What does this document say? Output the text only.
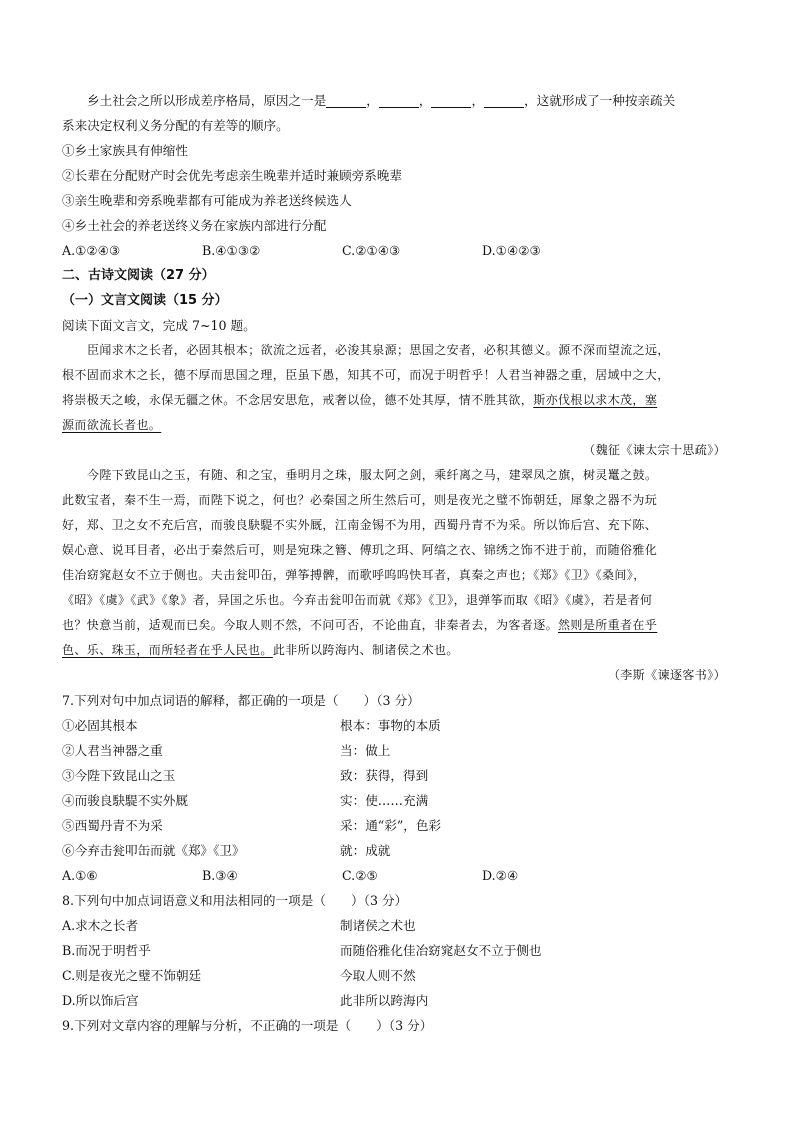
乡土社会之所以形成差序格局，原因之一是	，	，	，	，这就形成了一种按亲疏关
系来决定权利义务分配的有差等的顺序。
①乡土家族具有伸缩性
②长辈在分配财产时会优先考虑亲生晚辈并适时兼顾旁系晚辈
③亲生晚辈和旁系晚辈都有可能成为养老送终候选人
④乡土社会的养老送终义务在家族内部进行分配
A.①②④③	B.④①③②	C.②①④③	D.①④②③
二、古诗文阅读（27 分）
（一）文言文阅读（15 分）
阅读下面文言文，完成 7~10 题。
臣闻求木之长者，必固其根本；欲流之远者，必浚其泉源；思国之安者，必积其德义。源不深而望流之远，
根不固而求木之长，德不厚而思国之理，臣虽下愚，知其不可，而况于明哲乎！人君当神器之重，居域中之大，
将崇极天之峻，永保无疆之休。不念居安思危，戒奢以俭，德不处其厚，情不胜其欲，斯亦伐根以求木茂，塞
源而欲流长者也。
（魏征《谏太宗十思疏》）
今陛下致昆山之玉，有随、和之宝，垂明月之珠，服太阿之剑，乘纤离之马，建翠凤之旗，树灵鼍之鼓。
此数宝者，秦不生一焉，而陛下说之，何也？必秦国之所生然后可，则是夜光之璧不饰朝廷，犀象之器不为玩
好，郑、卫之女不充后宫，而骏良駃騠不实外厩，江南金锡不为用，西蜀丹青不为采。所以饰后宫、充下陈、
娱心意、说耳目者，必出于秦然后可，则是宛珠之簪、傅玑之珥、阿缟之衣、锦绣之饰不进于前，而随俗雅化
佳冶窈窕赵女不立于侧也。夫击瓮叩缶，弹筝搏髀，而歌呼呜呜快耳者，真秦之声也；《郑》《卫》《桑间》，
《昭》《虞》《武》《象》者，异国之乐也。今弃击瓮叩缶而就《郑》《卫》，退弹筝而取《昭》《虞》，若是者何
也？快意当前，适观而已矣。今取人则不然，不问可否，不论曲直，非秦者去，为客者逐。然则是所重者在乎
色、乐、珠玉，而所轻者在乎人民也。此非所以跨海内、制诸侯之术也。
（李斯《谏逐客书》）
7.下列对句中加点词语的解释，都正确的一项是（　　）（3 分）
①必固其根本	根本：事物的本质
②人君当神器之重	当：做上
③今陛下致昆山之玉	致：获得，得到
④而骏良駃騠不实外厩	实：使……充满
⑤西蜀丹青不为采	采：通“彩”，色彩
⑥今弃击瓮叩缶而就《郑》《卫》	就：成就
A.①⑥	B.③④	C.②⑤	D.②④
8.下列句中加点词语意义和用法相同的一项是（　　）（3 分）
A.求木之长者	制诸侯之术也
B.而况于明哲乎	而随俗雅化佳冶窈窕赵女不立于侧也
C.则是夜光之璧不饰朝廷	今取人则不然
D.所以饰后宫	此非所以跨海内
9.下列对文章内容的理解与分析，不正确的一项是（　　）（3 分）
